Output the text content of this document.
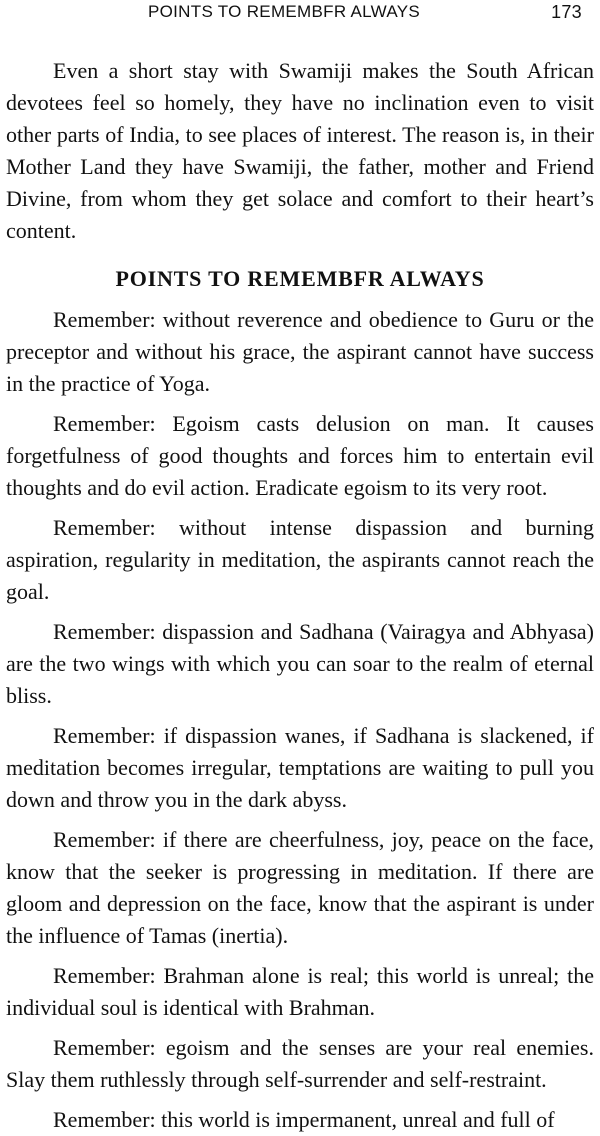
POINTS TO REMEMBFR ALWAYS	173

Even a short stay with Swamiji makes the South African devotees feel so homely, they have no inclination even to visit other parts of India, to see places of interest. The reason is, in their Mother Land they have Swamiji, the father, mother and Friend Divine, from whom they get solace and comfort to their heart’s content.

POINTS TO REMEMBFR ALWAYS

Remember: without reverence and obedience to Guru or the preceptor and without his grace, the aspirant cannot have success in the practice of Yoga.

Remember: Egoism casts delusion on man. It causes forgetfulness of good thoughts and forces him to entertain evil thoughts and do evil action. Eradicate egoism to its very root.

Remember: without intense dispassion and burning aspiration, regularity in meditation, the aspirants cannot reach the goal.

Remember: dispassion and Sadhana (Vairagya and Abhyasa) are the two wings with which you can soar to the realm of eternal bliss.

Remember: if dispassion wanes, if Sadhana is slackened, if meditation becomes irregular, temptations are waiting to pull you down and throw you in the dark abyss.

Remember: if there are cheerfulness, joy, peace on the face, know that the seeker is progressing in meditation. If there are gloom and depression on the face, know that the aspirant is under the influence of Tamas (inertia).

Remember: Brahman alone is real; this world is unreal; the individual soul is identical with Brahman.

Remember: egoism and the senses are your real enemies. Slay them ruthlessly through self-surrender and self-restraint.

Remember: this world is impermanent, unreal and full of
